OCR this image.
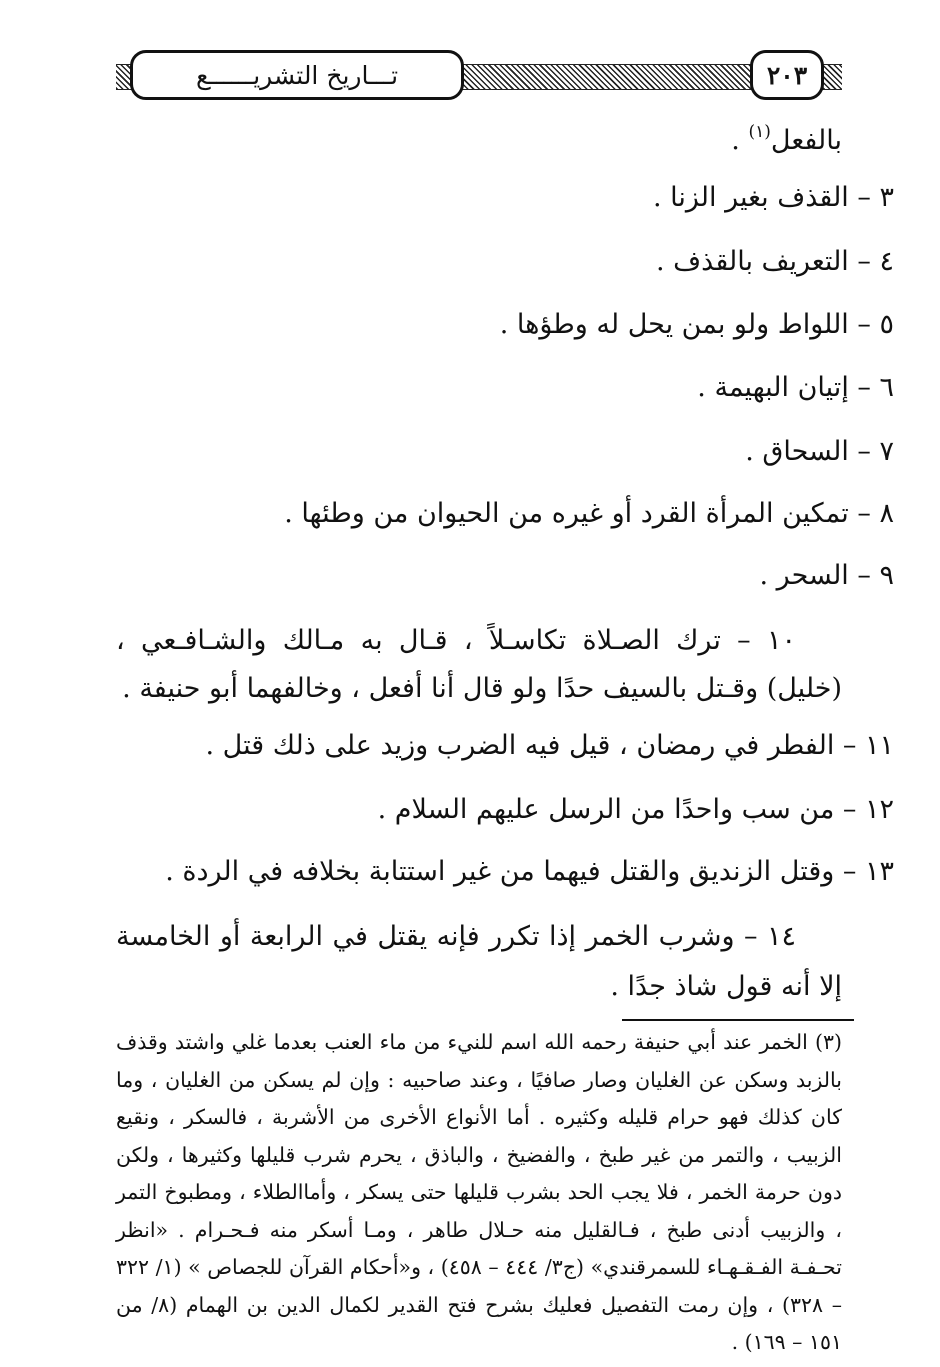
تـــاريخ التشريــــــع	٢٠٣
بالفعل$^{(١)}$ .
٣ – القذف بغير الزنا .
٤ – التعريف بالقذف .
٥ – اللواط ولو بمن يحل له وطؤها .
٦ – إتيان البهيمة .
٧ – السحاق .
٨ – تمكين المرأة القرد أو غيره من الحيوان من وطئها .
٩ – السحر .
١٠ – ترك الصـلاة تكاسـلاً ، قـال به مـالك والشـافـعي ، (خليل) وقـتل بالسيف حدًا ولو قال أنا أفعل ، وخالفهما أبو حنيفة .
١١ – الفطر في رمضان ، قيل فيه الضرب وزيد على ذلك قتل .
١٢ – من سب واحدًا من الرسل عليهم السلام .
١٣ – وقتل الزنديق والقتل فيهما من غير استتابة بخلافه في الردة .
١٤ – وشرب الخمر إذا تكرر فإنه يقتل في الرابعة أو الخامسة إلا أنه قول شاذ جدًا .
(٣) الخمر عند أبي حنيفة رحمه الله اسم للنيء من ماء العنب بعدما غلي واشتد وقذف بالزبد وسكن عن الغليان وصار صافيًا ، وعند صاحبيه : وإن لم يسكن من الغليان ، وما كان كذلك فهو حرام قليله وكثيره . أما الأنواع الأخرى من الأشربة ، فالسكر ، ونقيع الزبيب ، والتمر من غير طبخ ، والفضيخ ، والباذق ، يحرم شرب قليلها وكثيرها ، ولكن دون حرمة الخمر ، فلا يجب الحد بشرب قليلها حتى يسكر ، وأماالطلاء ، ومطبوخ التمر ، والزبيب أدنى طبخ ، فـالقليل منه حـلال طاهر ، ومـا أسكر منه فـحـرام . «انظر تحـفـة الفـقـهـاء للسمرقندي» (ج٣/ ٤٤٤ – ٤٥٨) ، و«أحكام القرآن للجصاص » (١/ ٣٢٢ – ٣٢٨) ، وإن رمت التفصيل فعليك بشرح فتح القدير لكمال الدين بن الهمام (٨/ من ١٥١ – ١٦٩) .
